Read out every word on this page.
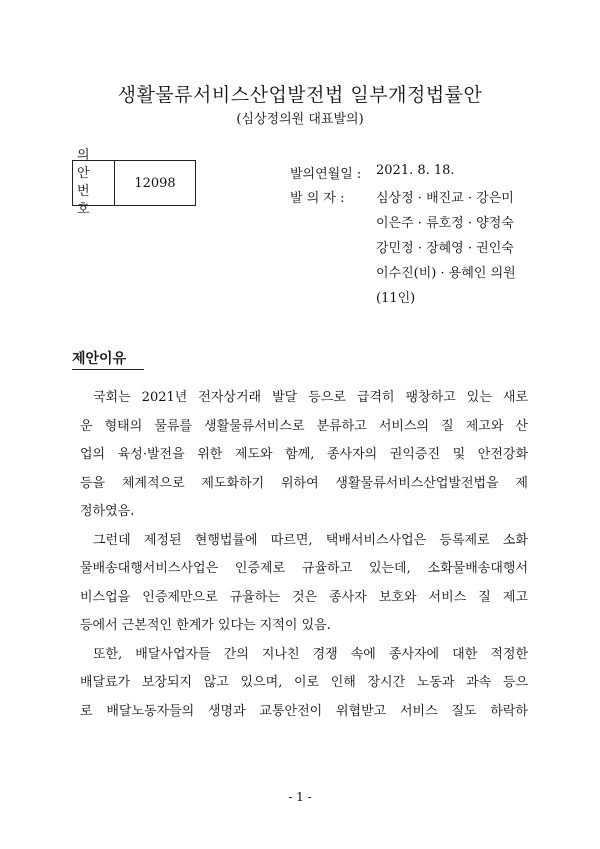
생활물류서비스산업발전법 일부개정법률안
(심상정의원 대표발의)
의안
번호
12098
발의연월일 : 2021. 8. 18.
발 의 자 :	심상정 · 배진교 · 강은미
이은주 · 류호정 · 양정숙
강민정 · 장혜영 · 권인숙
이수진(비) · 용혜인 의원
(11인)
제안이유
국회는 2021년 전자상거래 발달 등으로 급격히 팽창하고 있는 새로
운 형태의 물류를 생활물류서비스로 분류하고 서비스의 질 제고와 산
업의 육성·발전을 위한 제도와 함께, 종사자의 권익증진 및 안전강화
등을 체계적으로 제도화하기 위하여 생활물류서비스산업발전법을 제
정하였음.
그런데 제정된 현행법률에 따르면, 택배서비스사업은 등록제로 소화
물배송대행서비스사업은 인증제로 규율하고 있는데, 소화물배송대행서
비스업을 인증제만으로 규율하는 것은 종사자 보호와 서비스 질 제고
등에서 근본적인 한계가 있다는 지적이 있음.
또한, 배달사업자들 간의 지나친 경쟁 속에 종사자에 대한 적정한
배달료가 보장되지 않고 있으며, 이로 인해 장시간 노동과 과속 등으
로 배달노동자들의 생명과 교통안전이 위협받고 서비스 질도 하락하
- 1 -
